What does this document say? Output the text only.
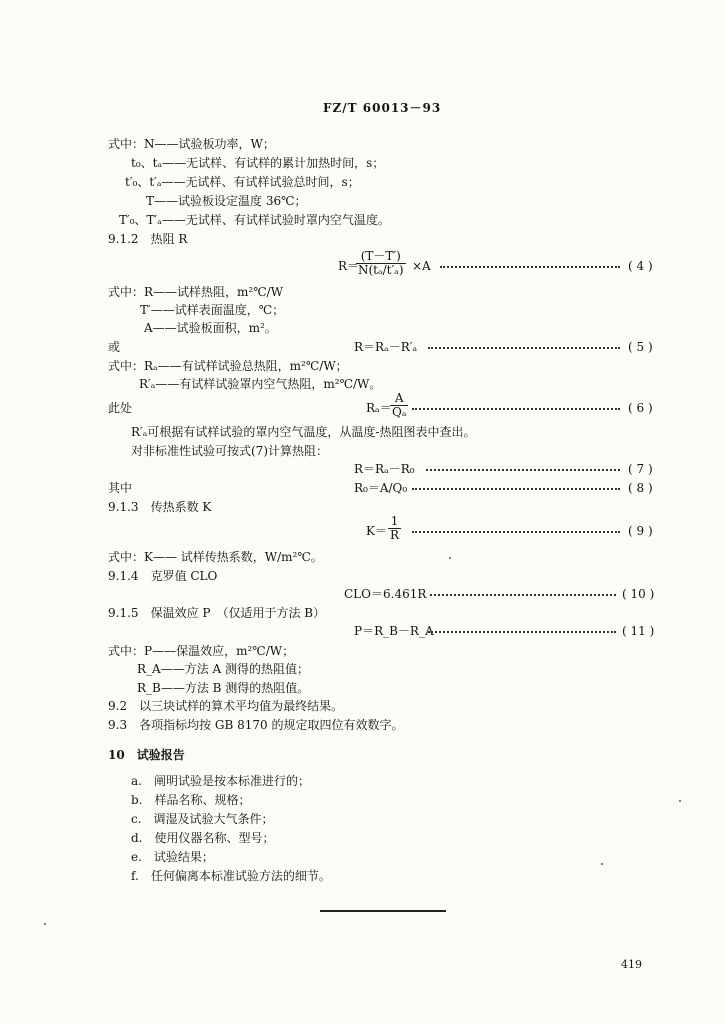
FZ/T 60013－93
式中：N——试验板功率，W；
t₀、tₐ——无试样、有试样的累计加热时间，s；
t′₀、t′ₐ——无试样、有试样试验总时间，s；
T——试验板设定温度 36℃；
T′₀、T′ₐ——无试样、有试样试验时罩内空气温度。
9.1.2　 热阻 R
R＝
$\frac{(T-T')}{\text{N(tₐ/t′ₐ)}} \times A$	( 4 )
式中：R——试样热阻，m²℃/W
T′——试样表面温度，℃；
A——试验板面积，m²。
或	R＝Rₐ－R′ₐ	( 5 )
式中：Rₐ——有试样试验总热阻，m²℃/W；
R′ₐ——有试样试验罩内空气热阻，m²℃/W。
此处	Rₐ＝
$\frac{A}{\text{Qₐ}}$	( 6 )
R′ₐ可根据有试样试验的罩内空气温度，从温度-热阻图表中查出。
对非标准性试验可按式(7)计算热阻：
R＝Rₐ－R₀	( 7 )
其中	R₀＝A/Q₀	( 8 )
9.1.3　 传热系数 K
$K= \frac{1}{R}$	( 9 )
式中：K—— 试样传热系数，W/m²℃。
9.1.4　 克罗值 CLO
CLO＝6.461R	( 10 )
9.1.5　 保温效应 P　（仅适用于方法 B）
P＝R_B－R_A	( 11 )
式中：P——保温效应，m²℃/W；
R_A——方法 A 测得的热阻值；
R_B——方法 B 测得的热阻值。
9.2　以三块试样的算术平均值为最终结果。
9.3　各项指标均按 GB 8170 的规定取四位有效数字。
10　试验报告
a.　阐明试验是按本标准进行的；
b.　样品名称、规格；
c.　调湿及试验大气条件；
d.　使用仪器名称、型号；
e.　试验结果；
f.　任何偏离本标准试验方法的细节。
419
